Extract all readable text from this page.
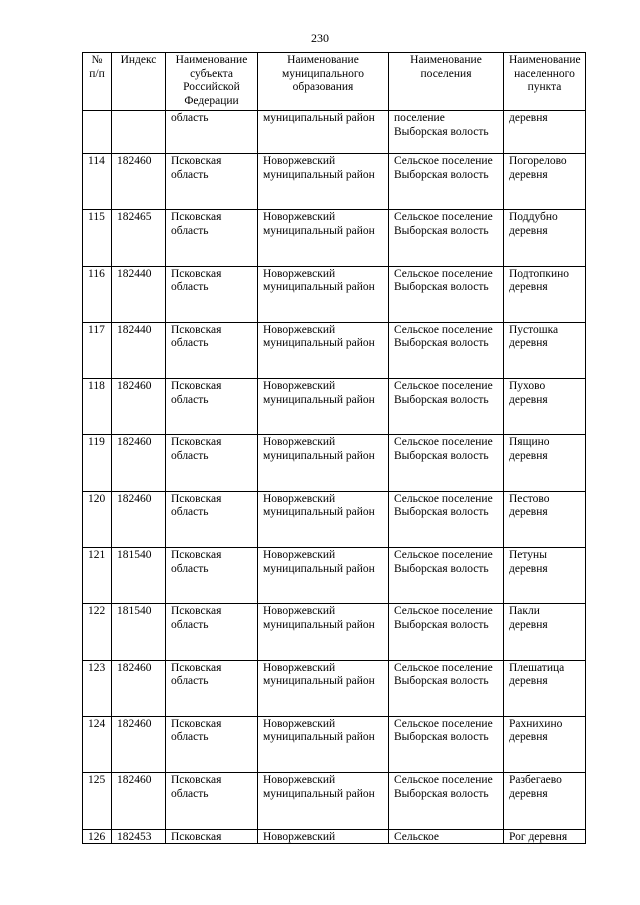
230
№ п/п	Индекс	Наименование субъекта Российской Федерации	Наименование муниципального образования	Наименование поселения	Наименование населенного пункта
		область	муниципальный район	поселение Выборская волость	деревня
114	182460	Псковская область	Новоржевский муниципальный район	Сельское поселение Выборская волость	Погорелово деревня
115	182465	Псковская область	Новоржевский муниципальный район	Сельское поселение Выборская волость	Поддубно деревня
116	182440	Псковская область	Новоржевский муниципальный район	Сельское поселение Выборская волость	Подтопкино деревня
117	182440	Псковская область	Новоржевский муниципальный район	Сельское поселение Выборская волость	Пустошка деревня
118	182460	Псковская область	Новоржевский муниципальный район	Сельское поселение Выборская волость	Пухово деревня
119	182460	Псковская область	Новоржевский муниципальный район	Сельское поселение Выборская волость	Пящино деревня
120	182460	Псковская область	Новоржевский муниципальный район	Сельское поселение Выборская волость	Пестово деревня
121	181540	Псковская область	Новоржевский муниципальный район	Сельское поселение Выборская волость	Петуны деревня
122	181540	Псковская область	Новоржевский муниципальный район	Сельское поселение Выборская волость	Пакли деревня
123	182460	Псковская область	Новоржевский муниципальный район	Сельское поселение Выборская волость	Плешатица деревня
124	182460	Псковская область	Новоржевский муниципальный район	Сельское поселение Выборская волость	Рахнихино деревня
125	182460	Псковская область	Новоржевский муниципальный район	Сельское поселение Выборская волость	Разбегаево деревня
126	182453	Псковская	Новоржевский	Сельское	Рог деревня
